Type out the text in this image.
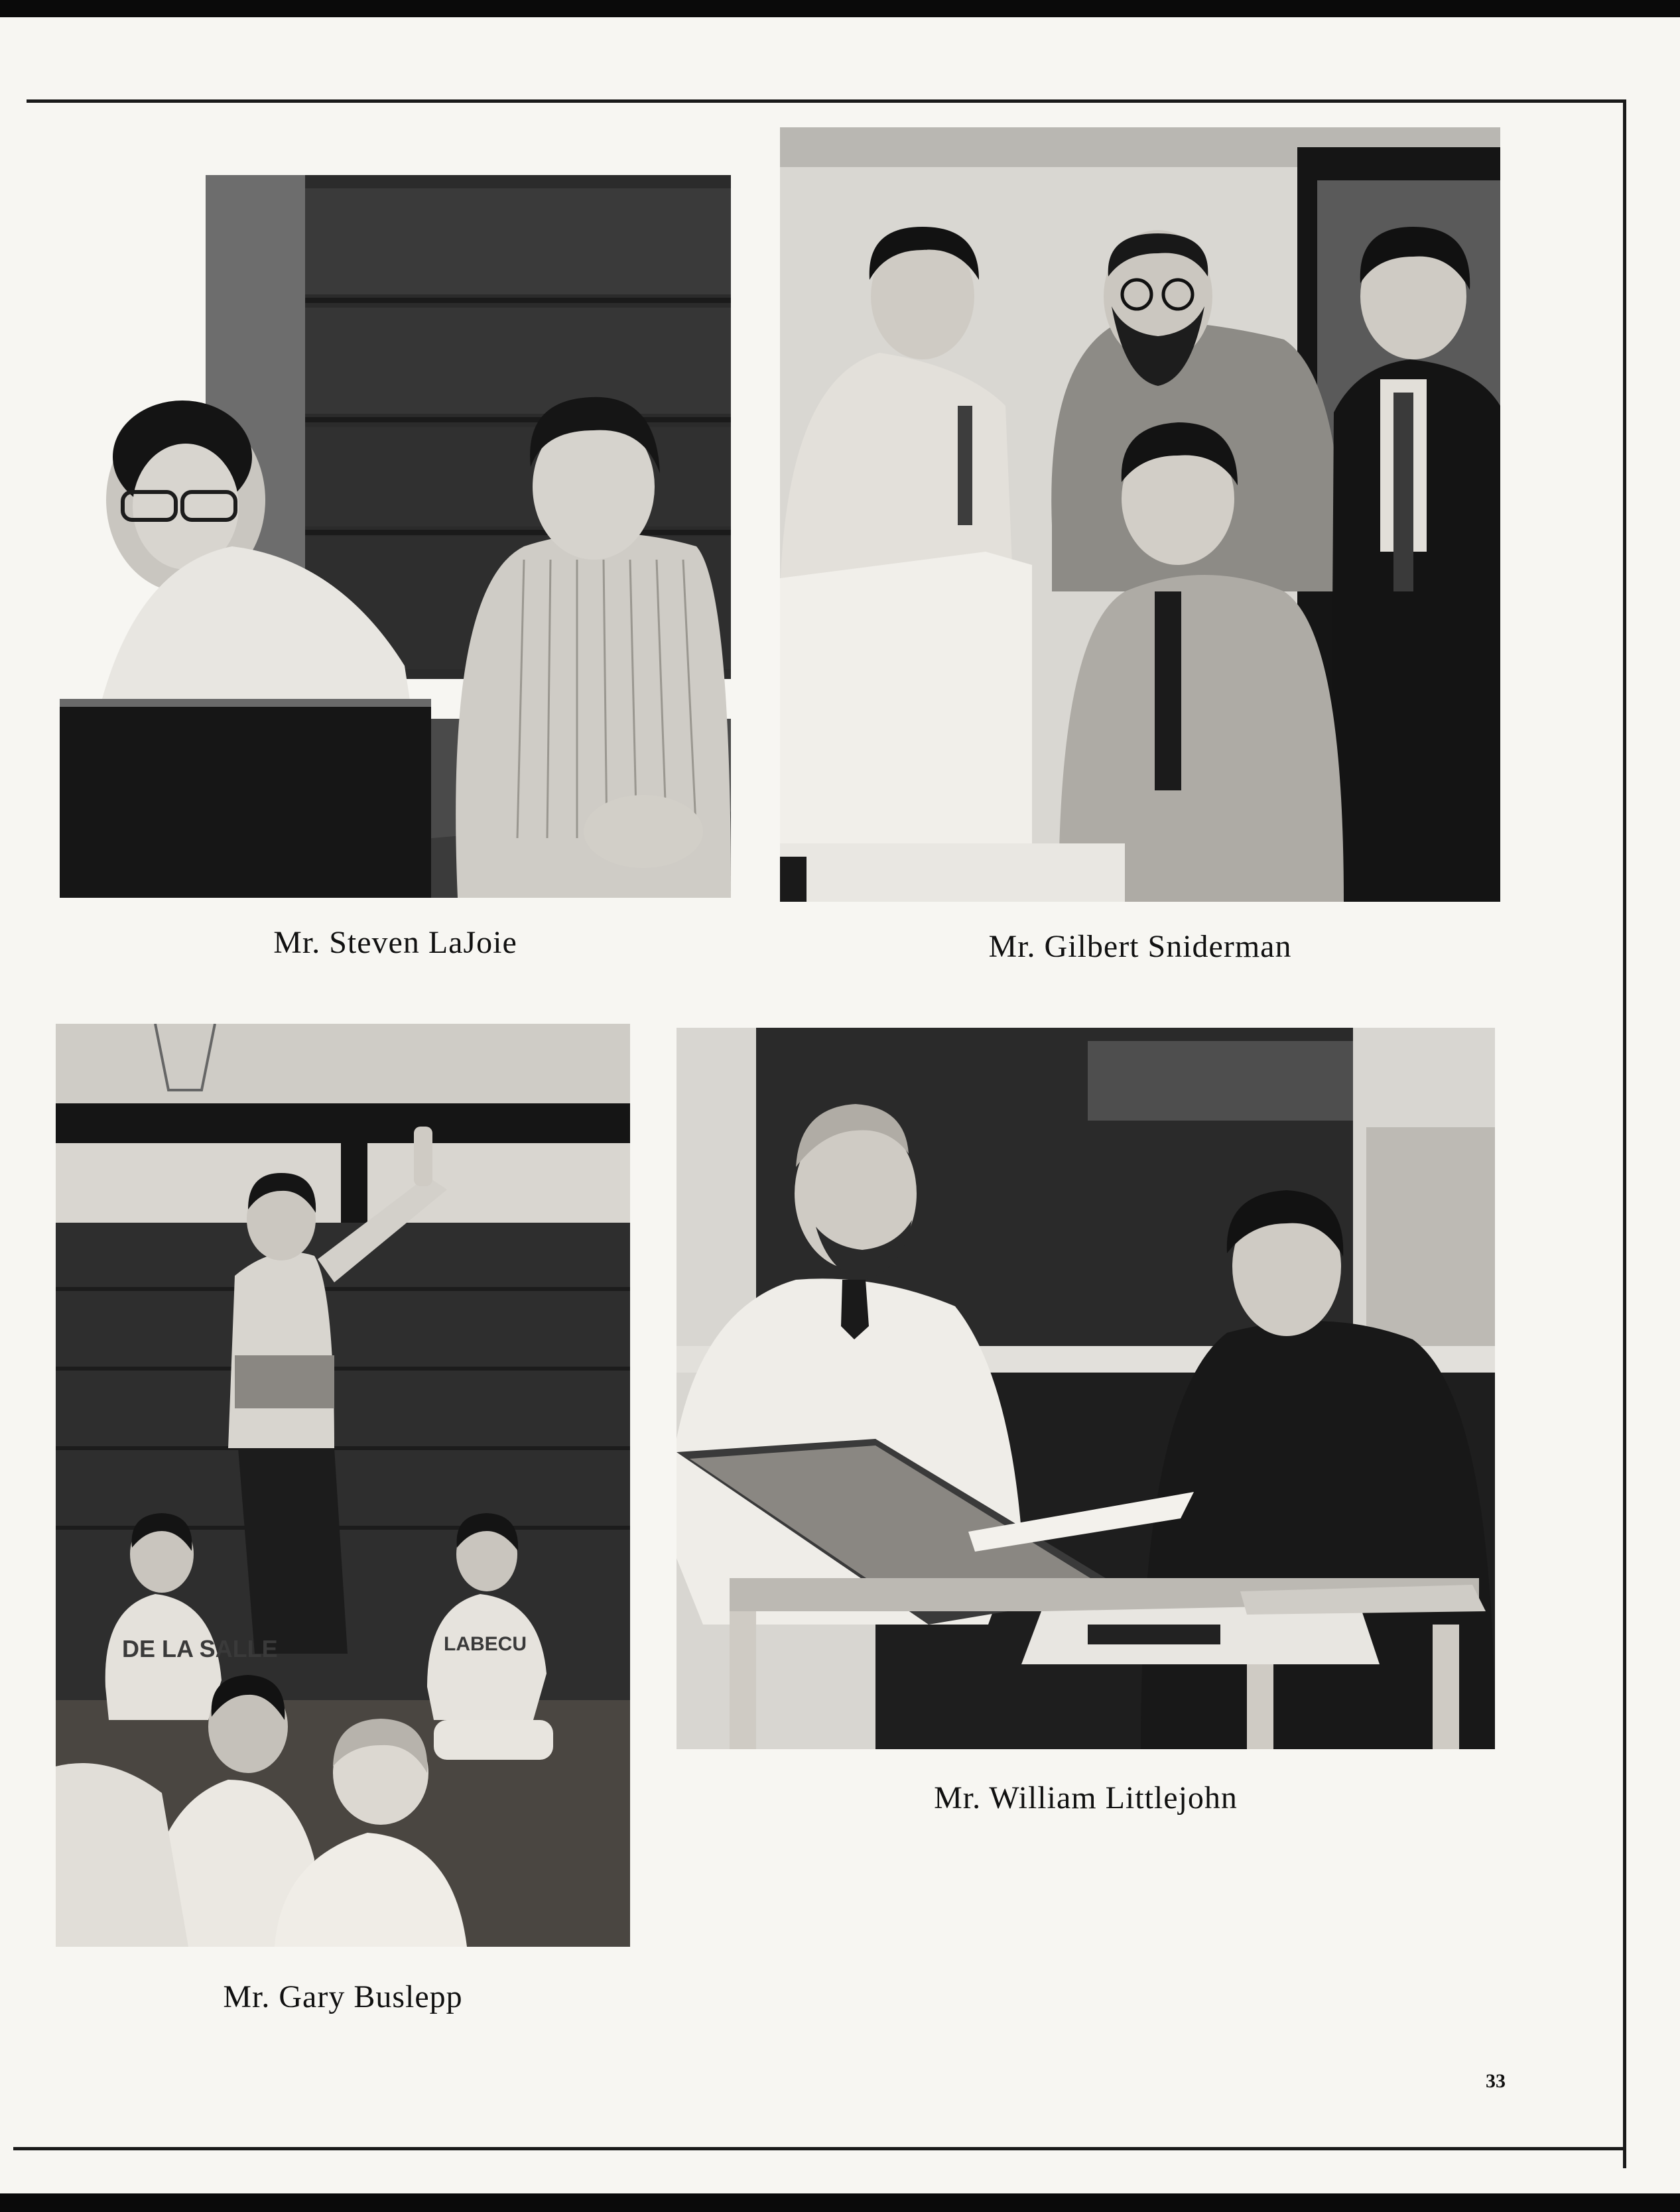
Mr. Steven LaJoie	Mr. Gilbert Sniderman
DE LA SALLE	LABECU
Mr. Gary Buslepp
Mr. William Littlejohn
33
